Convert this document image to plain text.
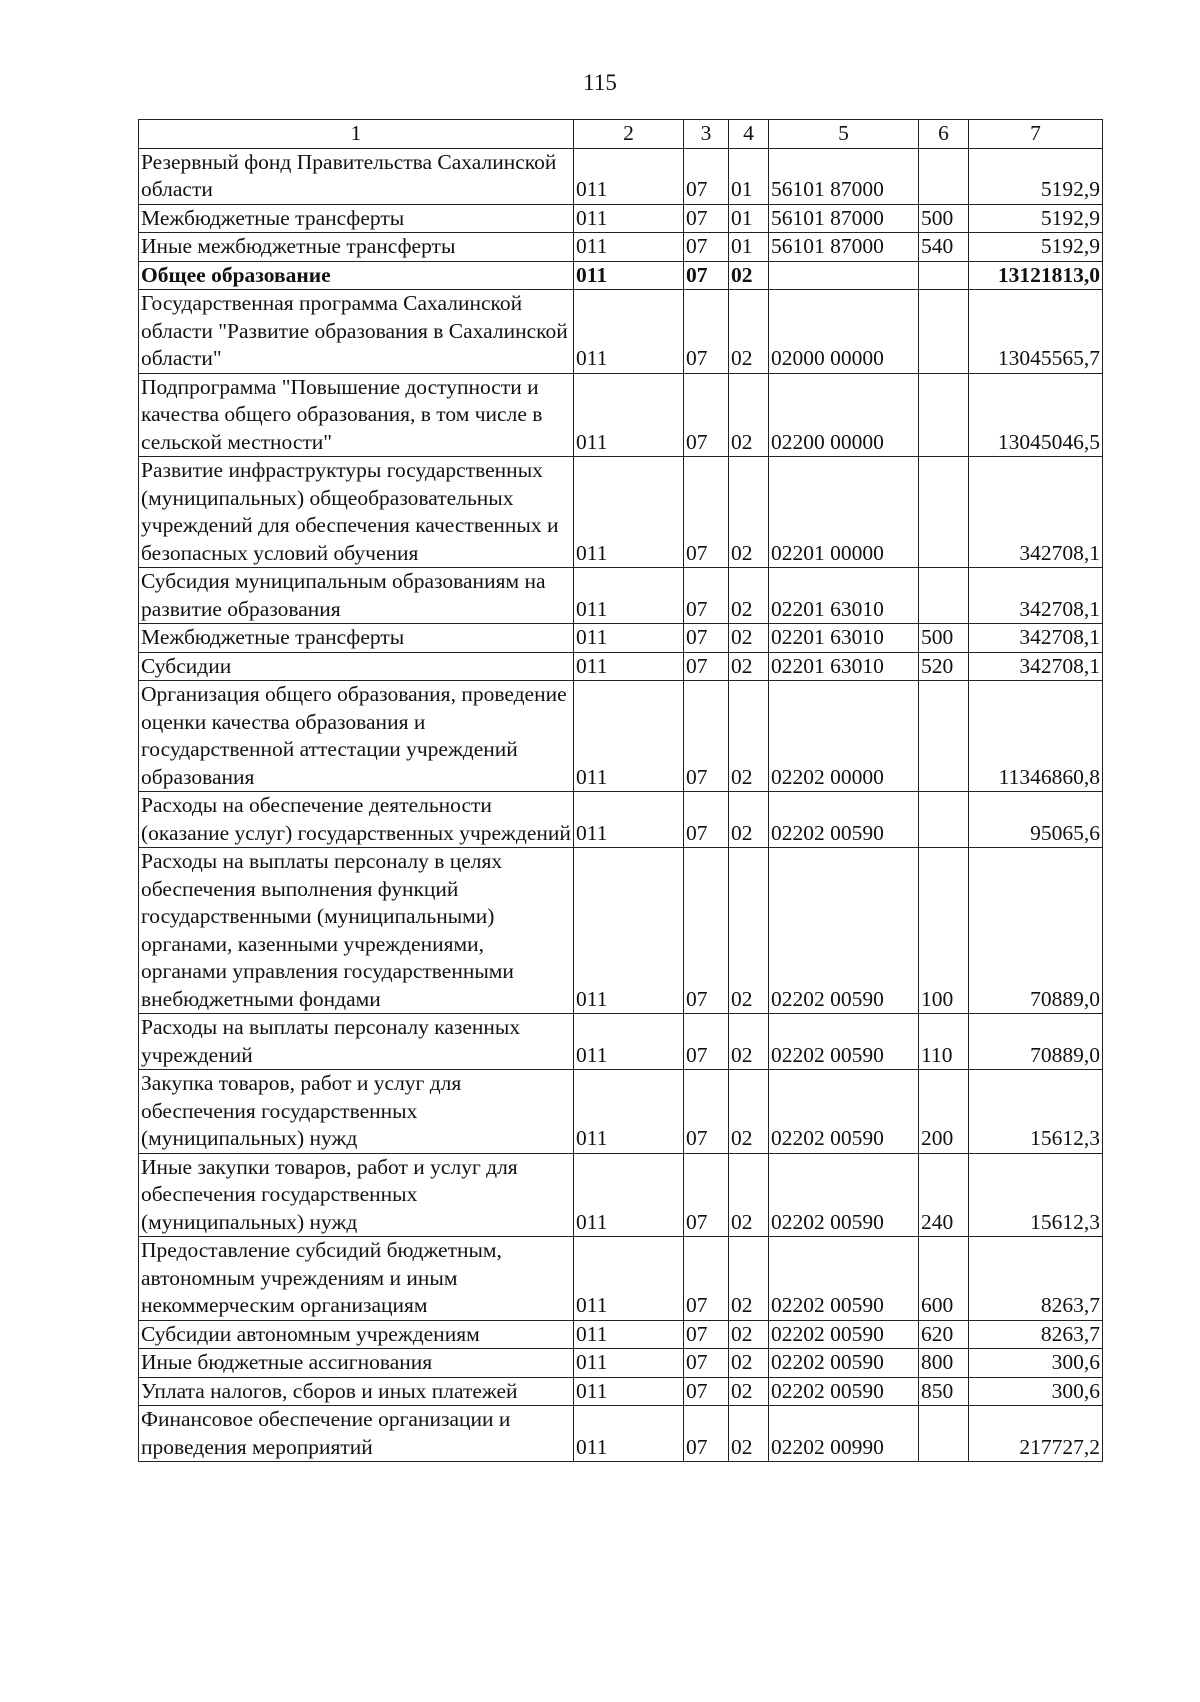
115
1	2	3	4	5	6	7
Резервный фонд Правительства Сахалинской области	011	07	01	56101 87000		5192,9
Межбюджетные трансферты	011	07	01	56101 87000	500	5192,9
Иные межбюджетные трансферты	011	07	01	56101 87000	540	5192,9
Общее образование	011	07	02			13121813,0
Государственная программа Сахалинской области "Развитие образования в Сахалинской области"	011	07	02	02000 00000		13045565,7
Подпрограмма "Повышение доступности и качества общего образования, в том числе в сельской местности"	011	07	02	02200 00000		13045046,5
Развитие инфраструктуры государственных (муниципальных) общеобразовательных учреждений для обеспечения качественных и безопасных условий обучения	011	07	02	02201 00000		342708,1
Субсидия муниципальным образованиям на развитие образования	011	07	02	02201 63010		342708,1
Межбюджетные трансферты	011	07	02	02201 63010	500	342708,1
Субсидии	011	07	02	02201 63010	520	342708,1
Организация общего образования, проведение оценки качества образования и государственной аттестации учреждений образования	011	07	02	02202 00000		11346860,8
Расходы на обеспечение деятельности (оказание услуг) государственных учреждений	011	07	02	02202 00590		95065,6
Расходы на выплаты персоналу в целях обеспечения выполнения функций государственными (муниципальными) органами, казенными учреждениями, органами управления государственными внебюджетными фондами	011	07	02	02202 00590	100	70889,0
Расходы на выплаты персоналу казенных учреждений	011	07	02	02202 00590	110	70889,0
Закупка товаров, работ и услуг для обеспечения государственных (муниципальных) нужд	011	07	02	02202 00590	200	15612,3
Иные закупки товаров, работ и услуг для обеспечения государственных (муниципальных) нужд	011	07	02	02202 00590	240	15612,3
Предоставление субсидий бюджетным, автономным учреждениям и иным некоммерческим организациям	011	07	02	02202 00590	600	8263,7
Субсидии автономным учреждениям	011	07	02	02202 00590	620	8263,7
Иные бюджетные ассигнования	011	07	02	02202 00590	800	300,6
Уплата налогов, сборов и иных платежей	011	07	02	02202 00590	850	300,6
Финансовое обеспечение организации и проведения мероприятий	011	07	02	02202 00990		217727,2
